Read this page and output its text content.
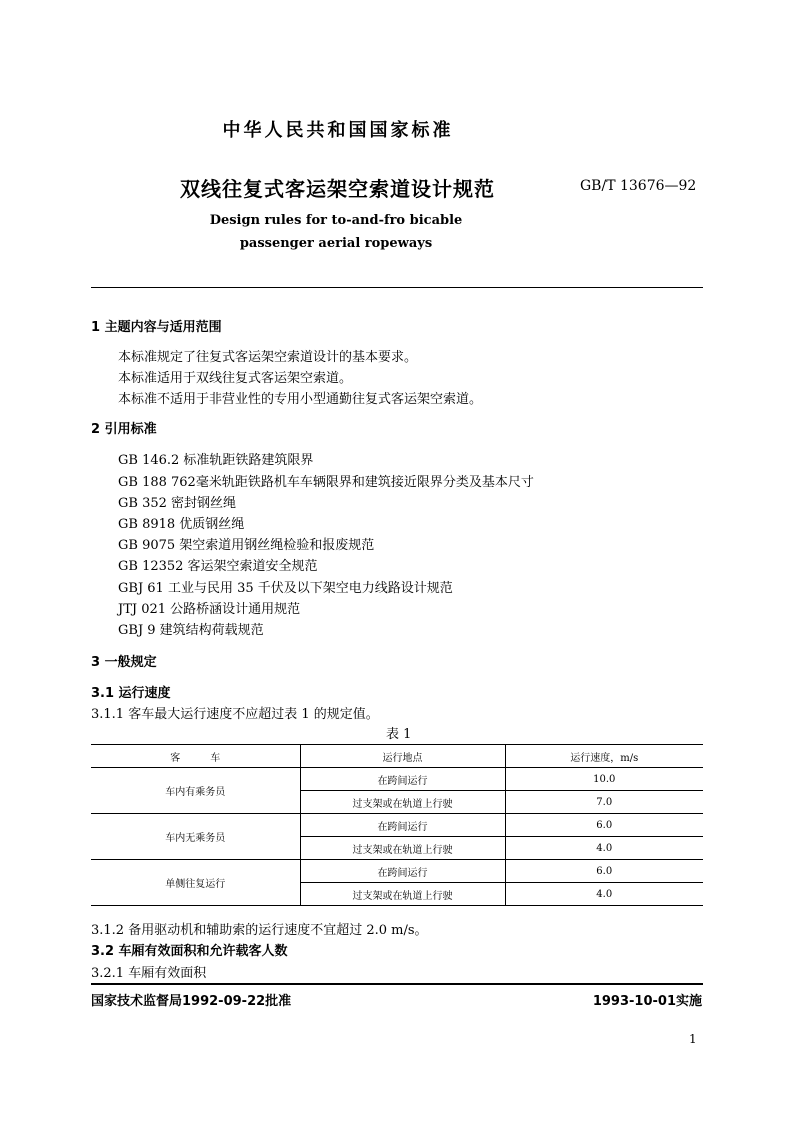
中华人民共和国国家标准
双线往复式客运架空索道设计规范	GB/T 13676—92
Design rules for to-and-fro bicable
passenger aerial ropeways
1 主题内容与适用范围
本标准规定了往复式客运架空索道设计的基本要求。
本标准适用于双线往复式客运架空索道。
本标准不适用于非营业性的专用小型通勤往复式客运架空索道。
2 引用标准
GB 146.2 标准轨距铁路建筑限界
GB 188 762毫米轨距铁路机车车辆限界和建筑接近限界分类及基本尺寸
GB 352 密封钢丝绳
GB 8918 优质钢丝绳
GB 9075 架空索道用钢丝绳检验和报废规范
GB 12352 客运架空索道安全规范
GBJ 61 工业与民用 35 千伏及以下架空电力线路设计规范
JTJ 021 公路桥涵设计通用规范
GBJ 9 建筑结构荷载规范
3 一般规定
3.1 运行速度
3.1.1 客车最大运行速度不应超过表 1 的规定值。
表 1
客　　　车	运行地点	运行速度，m/s
车内有乘务员	在跨间运行	10.0
	过支架或在轨道上行驶	7.0
车内无乘务员	在跨间运行	6.0
	过支架或在轨道上行驶	4.0
单侧往复运行	在跨间运行	6.0
	过支架或在轨道上行驶	4.0
3.1.2 备用驱动机和辅助索的运行速度不宜超过 2.0 m/s。
3.2 车厢有效面积和允许载客人数
3.2.1 车厢有效面积
国家技术监督局1992-09-22批准	1993-10-01实施
1
